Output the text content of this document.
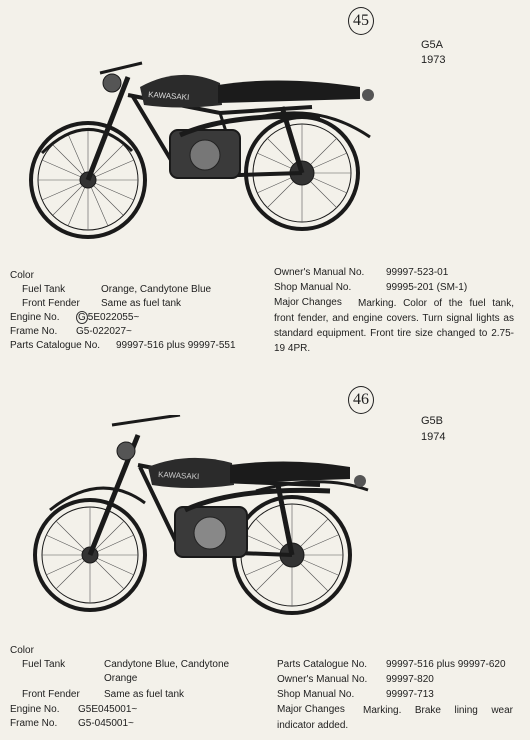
45
G5A
1973
KAWASAKI
Color
Fuel Tank	Orange, Candytone Blue
Front Fender Same as fuel tank
Engine No. G 5E022055~
Frame No. G5-022027~
Parts Catalogue No. 99997-516 plus 99997-551
Owner's Manual No. 99997-523-01
Shop Manual No.	99995-201 (SM-1)
Major Changes	Marking. Color of the fuel tank, front fender, and engine covers. Turn signal lights as standard equipment. Front tire size changed to 2.75-19 4PR.
46
G5B
1974
KAWASAKI
Color
Fuel Tank	Candytone Blue, Candytone
Orange
Front Fender Same as fuel tank
Engine No. G5E045001~
Frame No. G5-045001~
Parts Catalogue No. 99997-516 plus 99997-620
Owner's Manual No. 99997-820
Shop Manual No.	99997-713
Major Changes	Marking. Brake lining wear indicator added.
